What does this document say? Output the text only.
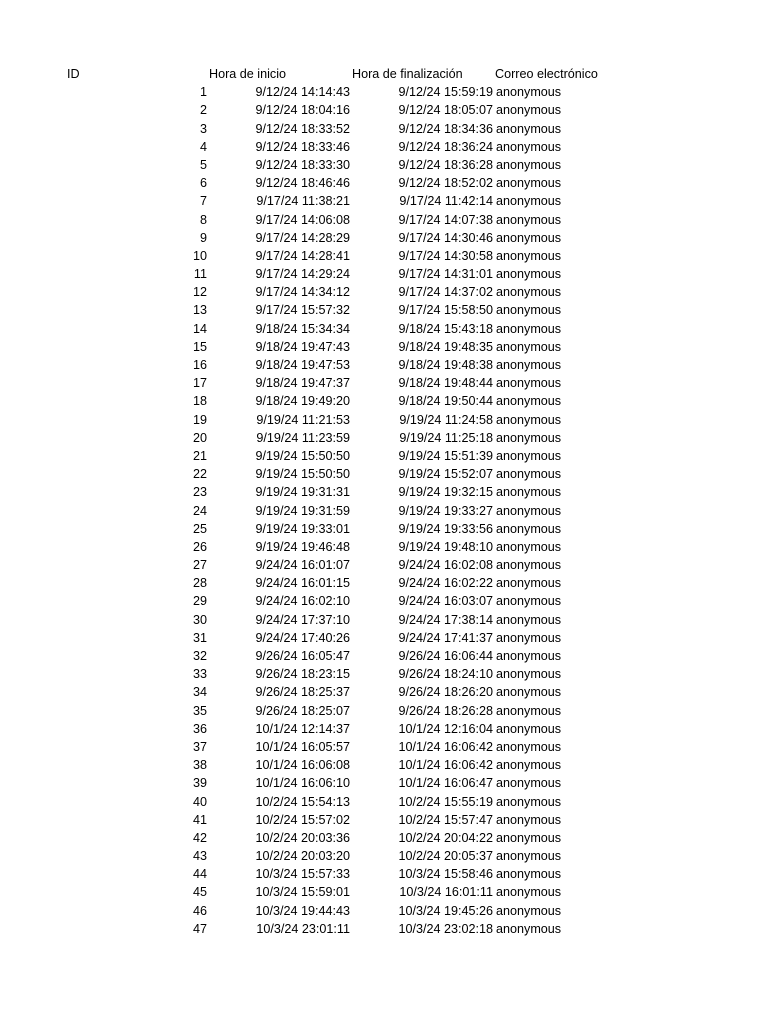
ID	Hora de inicio	Hora de finalización	Correo electrónico
1	9/12/24 14:14:43	9/12/24 15:59:19 anonymous
2	9/12/24 18:04:16	9/12/24 18:05:07 anonymous
3	9/12/24 18:33:52	9/12/24 18:34:36 anonymous
4	9/12/24 18:33:46	9/12/24 18:36:24 anonymous
5	9/12/24 18:33:30	9/12/24 18:36:28 anonymous
6	9/12/24 18:46:46	9/12/24 18:52:02 anonymous
7	9/17/24 11:38:21	9/17/24 11:42:14 anonymous
8	9/17/24 14:06:08	9/17/24 14:07:38 anonymous
9	9/17/24 14:28:29	9/17/24 14:30:46 anonymous
10	9/17/24 14:28:41	9/17/24 14:30:58 anonymous
11	9/17/24 14:29:24	9/17/24 14:31:01 anonymous
12	9/17/24 14:34:12	9/17/24 14:37:02 anonymous
13	9/17/24 15:57:32	9/17/24 15:58:50 anonymous
14	9/18/24 15:34:34	9/18/24 15:43:18 anonymous
15	9/18/24 19:47:43	9/18/24 19:48:35 anonymous
16	9/18/24 19:47:53	9/18/24 19:48:38 anonymous
17	9/18/24 19:47:37	9/18/24 19:48:44 anonymous
18	9/18/24 19:49:20	9/18/24 19:50:44 anonymous
19	9/19/24 11:21:53	9/19/24 11:24:58 anonymous
20	9/19/24 11:23:59	9/19/24 11:25:18 anonymous
21	9/19/24 15:50:50	9/19/24 15:51:39 anonymous
22	9/19/24 15:50:50	9/19/24 15:52:07 anonymous
23	9/19/24 19:31:31	9/19/24 19:32:15 anonymous
24	9/19/24 19:31:59	9/19/24 19:33:27 anonymous
25	9/19/24 19:33:01	9/19/24 19:33:56 anonymous
26	9/19/24 19:46:48	9/19/24 19:48:10 anonymous
27	9/24/24 16:01:07	9/24/24 16:02:08 anonymous
28	9/24/24 16:01:15	9/24/24 16:02:22 anonymous
29	9/24/24 16:02:10	9/24/24 16:03:07 anonymous
30	9/24/24 17:37:10	9/24/24 17:38:14 anonymous
31	9/24/24 17:40:26	9/24/24 17:41:37 anonymous
32	9/26/24 16:05:47	9/26/24 16:06:44 anonymous
33	9/26/24 18:23:15	9/26/24 18:24:10 anonymous
34	9/26/24 18:25:37	9/26/24 18:26:20 anonymous
35	9/26/24 18:25:07	9/26/24 18:26:28 anonymous
36	10/1/24 12:14:37	10/1/24 12:16:04 anonymous
37	10/1/24 16:05:57	10/1/24 16:06:42 anonymous
38	10/1/24 16:06:08	10/1/24 16:06:42 anonymous
39	10/1/24 16:06:10	10/1/24 16:06:47 anonymous
40	10/2/24 15:54:13	10/2/24 15:55:19 anonymous
41	10/2/24 15:57:02	10/2/24 15:57:47 anonymous
42	10/2/24 20:03:36	10/2/24 20:04:22 anonymous
43	10/2/24 20:03:20	10/2/24 20:05:37 anonymous
44	10/3/24 15:57:33	10/3/24 15:58:46 anonymous
45	10/3/24 15:59:01	10/3/24 16:01:11 anonymous
46	10/3/24 19:44:43	10/3/24 19:45:26 anonymous
47	10/3/24 23:01:11	10/3/24 23:02:18 anonymous
